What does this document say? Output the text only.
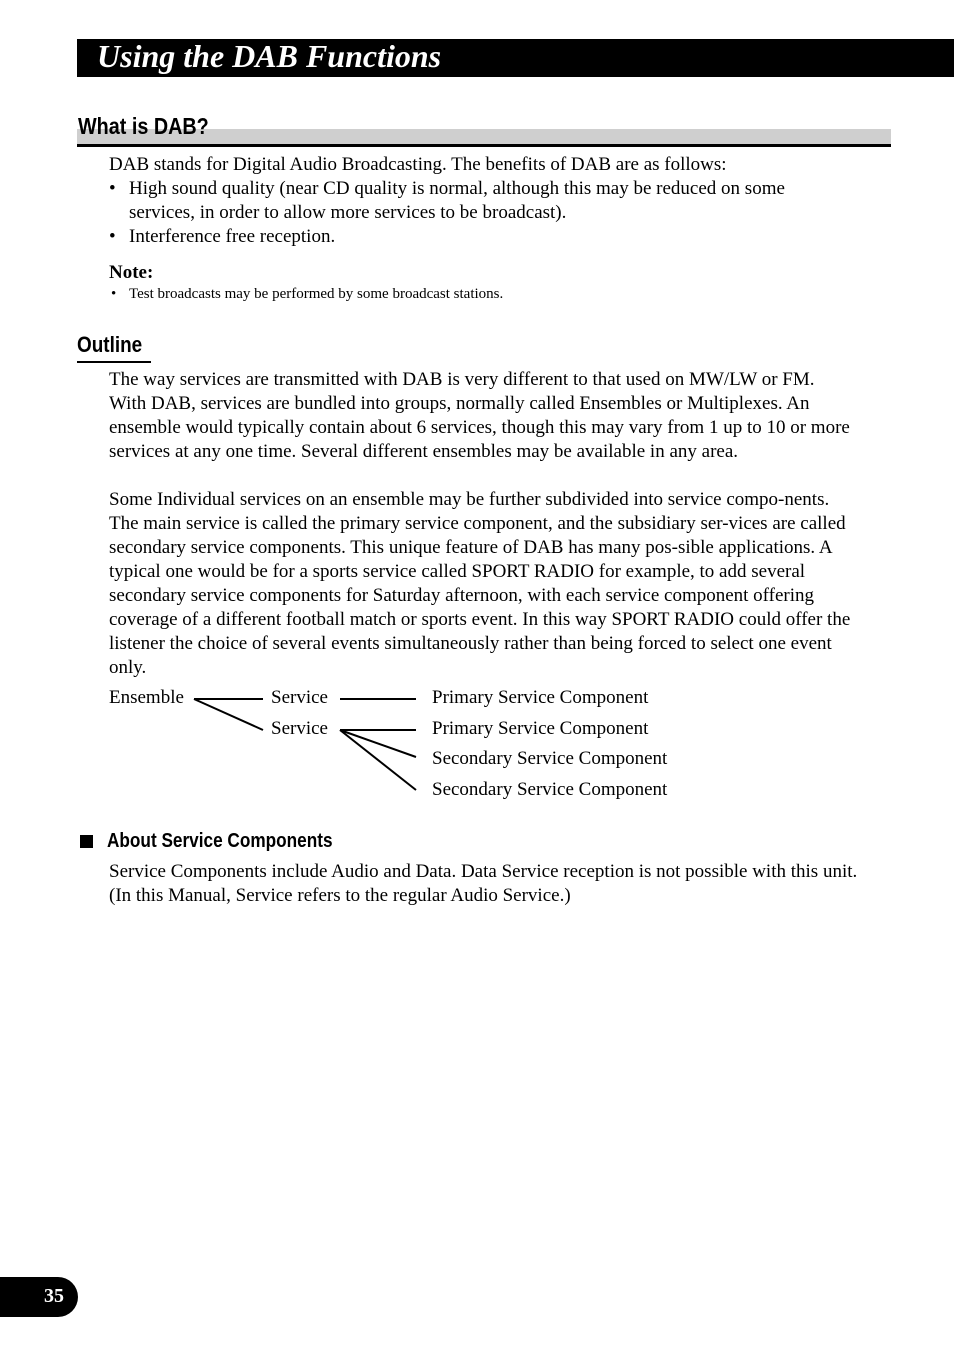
Using the DAB Functions
What is DAB?
DAB stands for Digital Audio Broadcasting. The benefits of DAB are as follows:
• High sound quality (near CD quality is normal, although this may be reduced on some
services, in order to allow more services to be broadcast).
• Interference free reception.
Note:
• Test broadcasts may be performed by some broadcast stations.
Outline
The way services are transmitted with DAB is very different to that used on MW/LW or FM. With DAB, services are bundled into groups, normally called Ensembles or Multiplexes. An ensemble would typically contain about 6 services, though this may vary from 1 up to 10 or more services at any one time. Several different ensembles may be available in any area.
Some Individual services on an ensemble may be further subdivided into service compo-nents. The main service is called the primary service component, and the subsidiary ser-vices are called secondary service components. This unique feature of DAB has many pos-sible applications. A typical one would be for a sports service called SPORT RADIO for example, to add several secondary service components for Saturday afternoon, with each service component offering coverage of a different football match or sports event. In this way SPORT RADIO could offer the listener the choice of several events simultaneously rather than being forced to select one event only.
Ensemble	Service
Service
Primary Service Component
Primary Service Component
Secondary Service Component
Secondary Service Component
About Service Components
Service Components include Audio and Data. Data Service reception is not possible with this unit. (In this Manual, Service refers to the regular Audio Service.)
35
